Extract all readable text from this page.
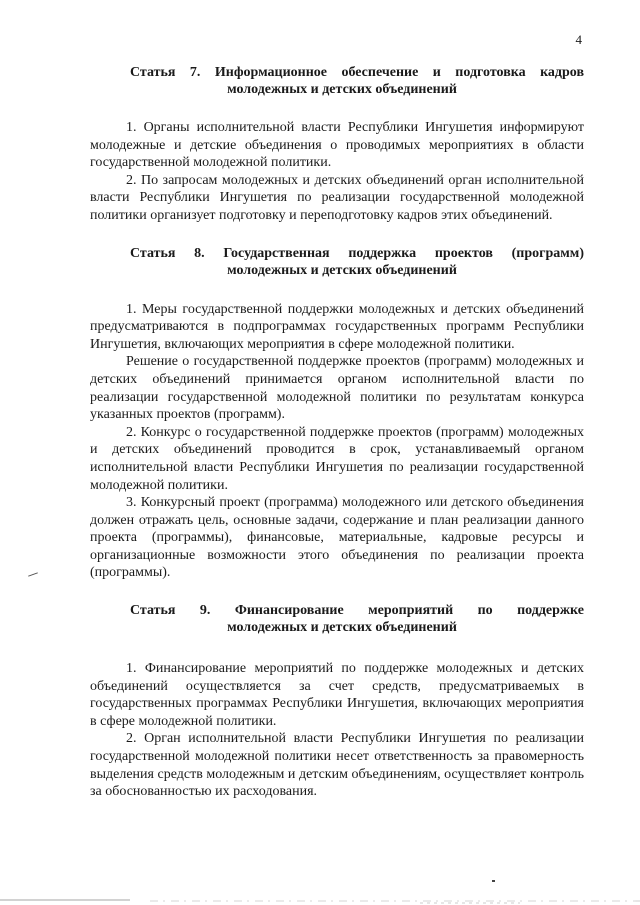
4
Статья 7. Информационное обеспечение и подготовка кадров
молодежных и детских объединений

1. Органы исполнительной власти Республики Ингушетия информируют молодежные и детские объединения о проводимых мероприятиях в области государственной молодежной политики.

2. По запросам молодежных и детских объединений орган исполнительной власти Республики Ингушетия по реализации государственной молодежной политики организует подготовку и переподготовку кадров этих объединений.

Статья 8. Государственная поддержка проектов (программ)
молодежных и детских объединений

1. Меры государственной поддержки молодежных и детских объединений предусматриваются в подпрограммах государственных программ Республики Ингушетия, включающих мероприятия в сфере молодежной политики.

Решение о государственной поддержке проектов (программ) молодежных и детских объединений принимается органом исполнительной власти по реализации государственной молодежной политики по результатам конкурса указанных проектов (программ).

2. Конкурс о государственной поддержке проектов (программ) молодежных и детских объединений проводится в срок, устанавливаемый органом исполнительной власти Республики Ингушетия по реализации государственной молодежной политики.

3. Конкурсный проект (программа) молодежного или детского объединения должен отражать цель, основные задачи, содержание и план реализации данного проекта (программы), финансовые, материальные, кадровые ресурсы и организационные возможности этого объединения по реализации проекта (программы).

Статья 9. Финансирование мероприятий по поддержке
молодежных и детских объединений

1. Финансирование мероприятий по поддержке молодежных и детских объединений осуществляется за счет средств, предусматриваемых в государственных программах Республики Ингушетия, включающих мероприятия в сфере молодежной политики.

2. Орган исполнительной власти Республики Ингушетия по реализации государственной молодежной политики несет ответственность за правомерность выделения средств молодежным и детским объединениям, осуществляет контроль за обоснованностью их расходования.
